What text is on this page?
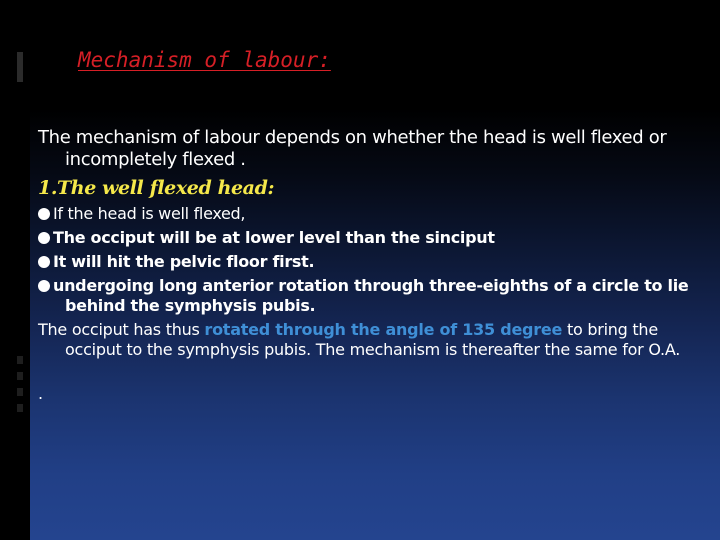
Mechanism of labour:

The mechanism of labour depends on whether the head is well flexed or incompletely flexed .

1.The well flexed head:

If the head is well flexed,
The occiput will be at lower level than the sinciput
It will hit the pelvic floor first.
undergoing long anterior rotation through three-eighths of a circle to lie behind the symphysis pubis.

The occiput has thus rotated through the angle of 135 degree to bring the occiput to the symphysis pubis. The mechanism is thereafter the same for O.A.

.
